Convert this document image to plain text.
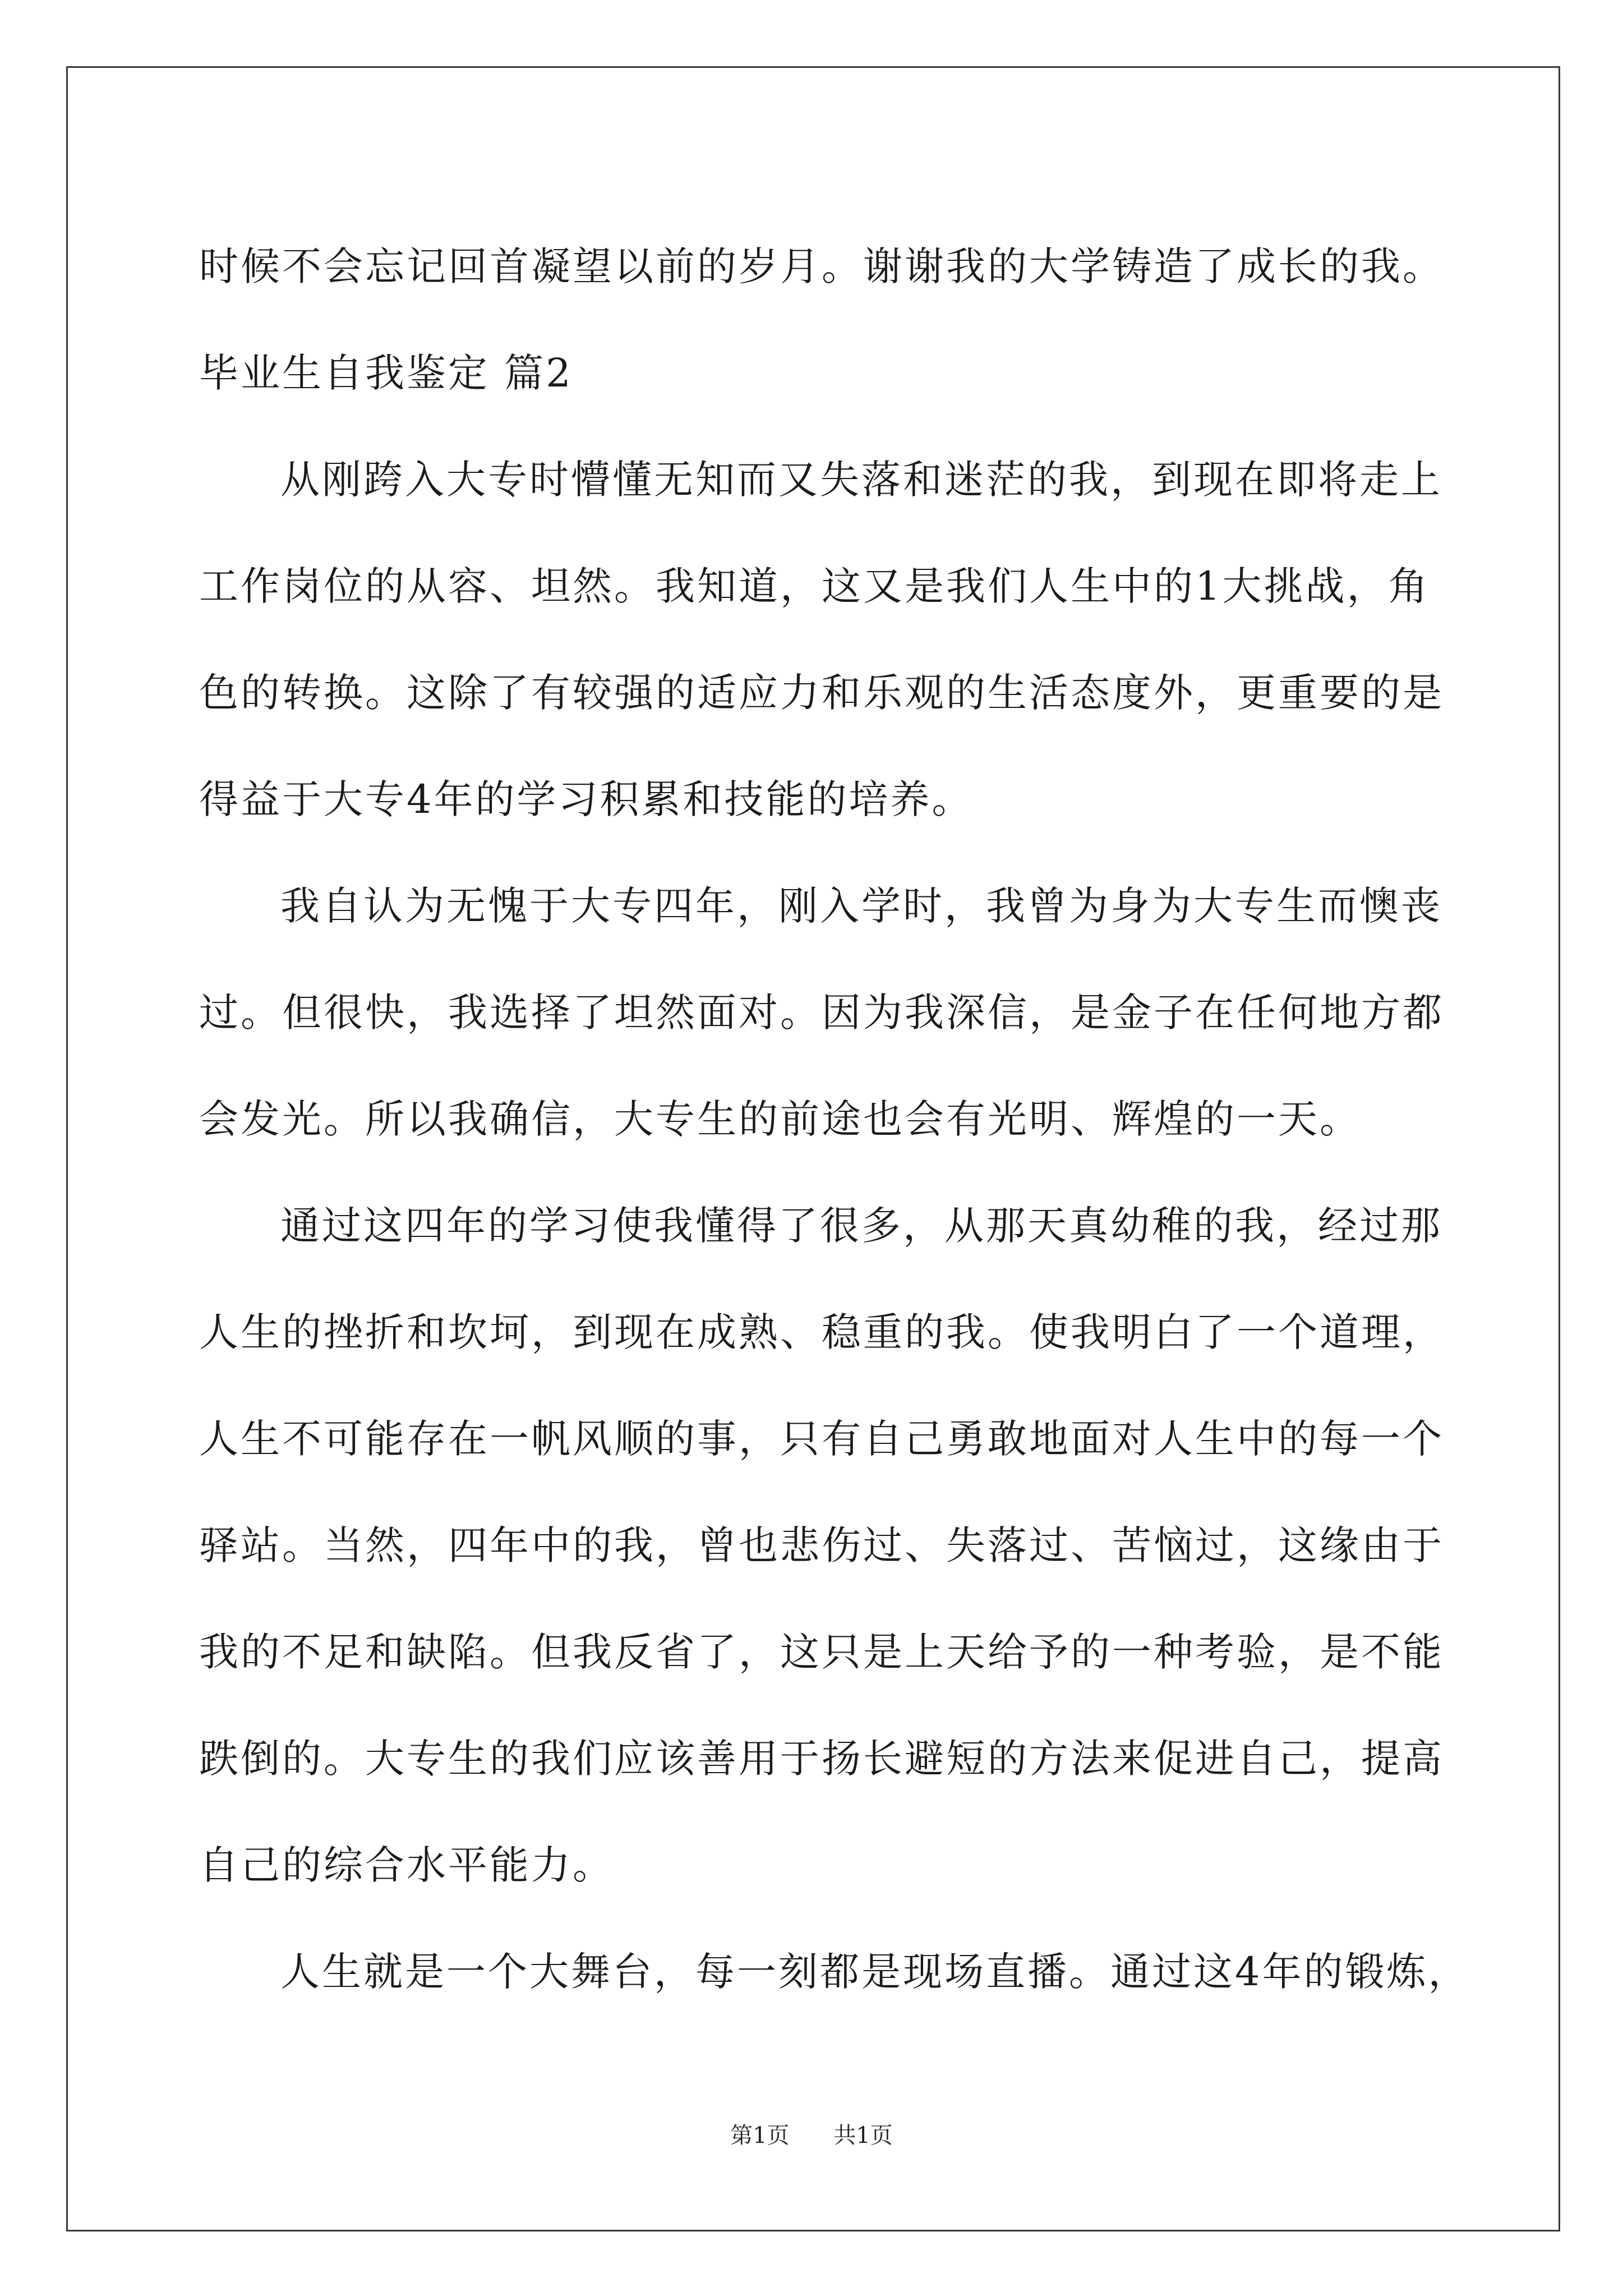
时候不会忘记回首凝望以前的岁月。谢谢我的大学铸造了成长的我。
毕业生自我鉴定 篇2
从刚跨入大专时懵懂无知而又失落和迷茫的我，到现在即将走上
工作岗位的从容、坦然。我知道，这又是我们人生中的1大挑战，角
色的转换。这除了有较强的适应力和乐观的生活态度外，更重要的是
得益于大专4年的学习积累和技能的培养。
我自认为无愧于大专四年，刚入学时，我曾为身为大专生而懊丧
过。但很快，我选择了坦然面对。因为我深信，是金子在任何地方都
会发光。所以我确信，大专生的前途也会有光明、辉煌的一天。
通过这四年的学习使我懂得了很多，从那天真幼稚的我，经过那
人生的挫折和坎坷，到现在成熟、稳重的我。使我明白了一个道理，
人生不可能存在一帆风顺的事，只有自己勇敢地面对人生中的每一个
驿站。当然，四年中的我，曾也悲伤过、失落过、苦恼过，这缘由于
我的不足和缺陷。但我反省了，这只是上天给予的一种考验，是不能
跌倒的。大专生的我们应该善用于扬长避短的方法来促进自己，提高
自己的综合水平能力。
人生就是一个大舞台，每一刻都是现场直播。通过这4年的锻炼，
第1页 共1页
